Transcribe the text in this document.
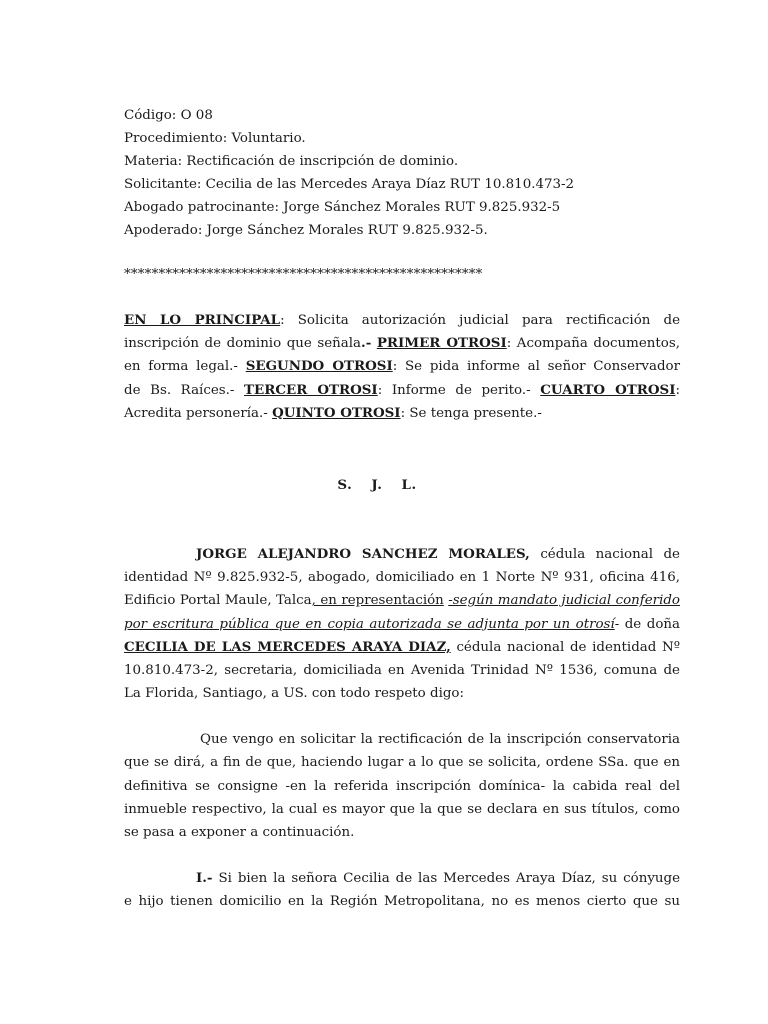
Código: O 08
Procedimiento: Voluntario.
Materia: Rectificación de inscripción de dominio.
Solicitante: Cecilia de las Mercedes Araya Díaz RUT 10.810.473-2
Abogado patrocinante: Jorge Sánchez Morales RUT 9.825.932-5
Apoderado: Jorge Sánchez Morales RUT 9.825.932-5.
****************************************************
EN LO PRINCIPAL: Solicita autorización judicial para rectificación de
inscripción de dominio que señala.- PRIMER OTROSI: Acompaña documentos,
en forma legal.- SEGUNDO OTROSI: Se pida informe al señor Conservador
de Bs. Raíces.- TERCER OTROSI: Informe de perito.- CUARTO OTROSI:
Acredita personería.- QUINTO OTROSI: Se tenga presente.-
S. J. L.
JORGE ALEJANDRO SANCHEZ MORALES, cédula nacional de
identidad Nº 9.825.932-5, abogado, domiciliado en 1 Norte Nº 931, oficina 416,
Edificio Portal Maule, Talca, en representación -según mandato judicial conferido
por escritura pública que en copia autorizada se adjunta por un otrosí- de doña
CECILIA DE LAS MERCEDES ARAYA DIAZ, cédula nacional de identidad Nº
10.810.473-2, secretaria, domiciliada en Avenida Trinidad Nº 1536, comuna de
La Florida, Santiago, a US. con todo respeto digo:
Que vengo en solicitar la rectificación de la inscripción conservatoria
que se dirá, a fin de que, haciendo lugar a lo que se solicita, ordene SSa. que en
definitiva se consigne -en la referida inscripción domínica- la cabida real del
inmueble respectivo, la cual es mayor que la que se declara en sus títulos, como
se pasa a exponer a continuación.
I.- Si bien la señora Cecilia de las Mercedes Araya Díaz, su cónyuge
e hijo tienen domicilio en la Región Metropolitana, no es menos cierto que su
